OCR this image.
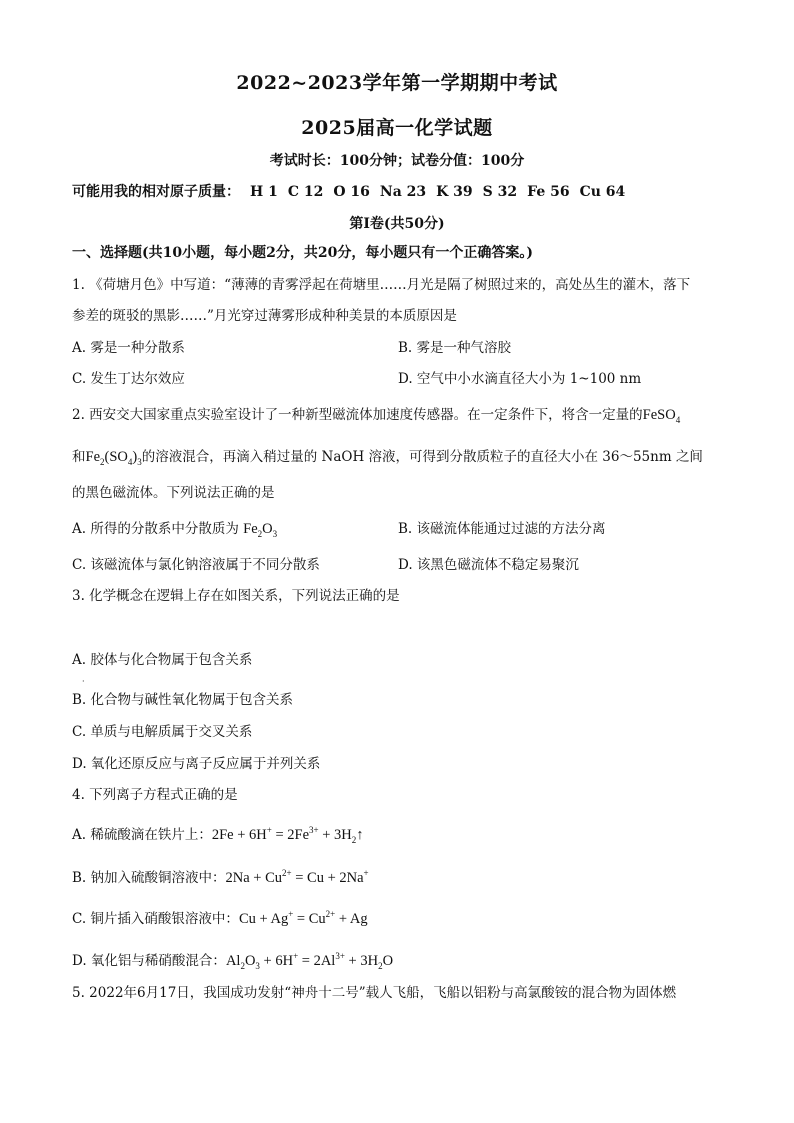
2022~2023学年第一学期期中考试
2025届高一化学试题
考试时长：100分钟；试卷分值：100分
可能用我的相对原子质量： H 1 C 12 O 16 Na 23 K 39 S 32 Fe 56 Cu 64
第Ⅰ卷(共50分)
一、选择题(共10小题，每小题2分，共20分，每小题只有一个正确答案。)
1. 《荷塘月色》中写道：“薄薄的青雾浮起在荷塘里……月光是隔了树照过来的，高处丛生的灌木，落下
参差的斑驳的黑影……”月光穿过薄雾形成种种美景的本质原因是
A. 雾是一种分散系	B. 雾是一种气溶胶
C. 发生丁达尔效应	D. 空气中小水滴直径大小为 1~100 nm
2. 西安交大国家重点实验室设计了一种新型磁流体加速度传感器。在一定条件下，将含一定量的FeSO$_4$
和$Fe_2(SO_4)_3$的溶液混合，再滴入稍过量的 NaOH 溶液，可得到分散质粒子的直径大小在 36～55nm 之间
的黑色磁流体。下列说法正确的是
A. 所得的分散系中分散质为 $Fe_2O_3$	B. 该磁流体能通过过滤的方法分离
C. 该磁流体与氯化钠溶液属于不同分散系	D. 该黑色磁流体不稳定易聚沉
3. 化学概念在逻辑上存在如图关系，下列说法正确的是
A. 胶体与化合物属于包含关系
·
B. 化合物与碱性氧化物属于包含关系
C. 单质与电解质属于交叉关系
D. 氧化还原反应与离子反应属于并列关系
4. 下列离子方程式正确的是
A. 稀硫酸滴在铁片上：$2Fe + 6H^+ = 2Fe^{3+}$ + $3H_2↑$
B. 钠加入硫酸铜溶液中：$2Na + Cu^{2+} = Cu + 2Na^+$
C. 铜片插入硝酸银溶液中：$Cu + Ag^+ = Cu^{2+} + Ag$
D. 氧化铝与稀硝酸混合：$Al_2O_3 + 6H^+ = 2Al^{3+} + 3H_2O$
5. 2022年6月17日，我国成功发射“神舟十二号”载人飞船，飞船以铝粉与高氯酸铵的混合物为固体燃
